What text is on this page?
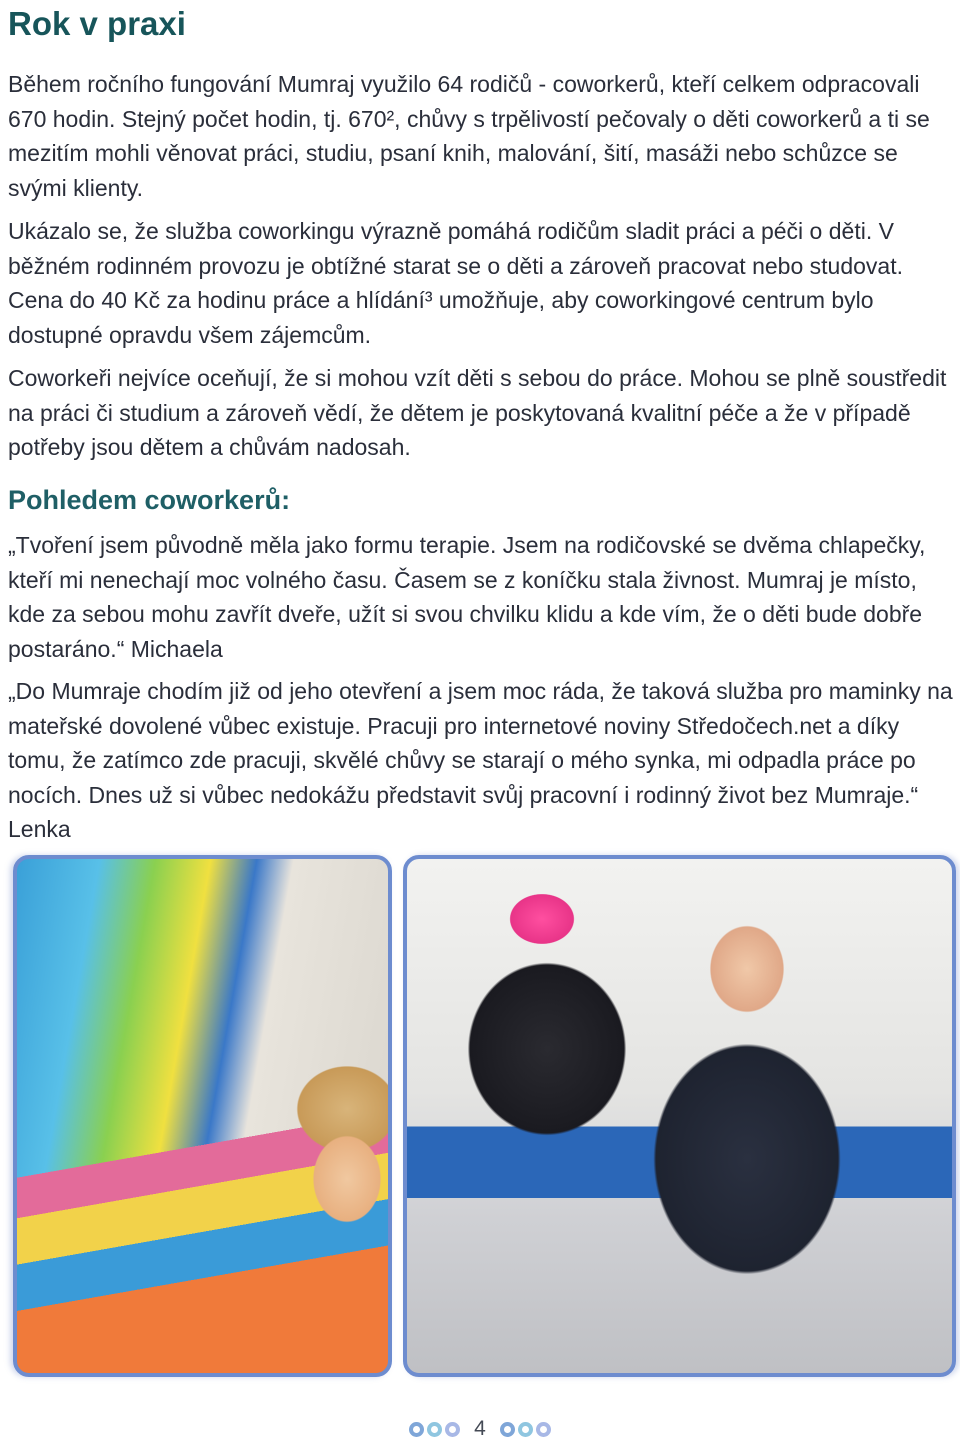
Rok v praxi

Během ročního fungování Mumraj využilo 64 rodičů - coworkerů, kteří celkem odpracovali 670 hodin. Stejný počet hodin, tj. 670², chůvy s trpělivostí pečovaly o děti coworkerů a ti se mezitím mohli věnovat práci, studiu, psaní knih, malování, šití, masáži nebo schůzce se svými klienty.

Ukázalo se, že služba coworkingu výrazně pomáhá rodičům sladit práci a péči o děti. V běžném rodinném provozu je obtížné starat se o děti a zároveň pracovat nebo studovat. Cena do 40 Kč za hodinu práce a hlídání³ umožňuje, aby coworkingové centrum bylo dostupné opravdu všem zájemcům.

Coworkeři nejvíce oceňují, že si mohou vzít děti s sebou do práce. Mohou se plně soustředit na práci či studium a zároveň vědí, že dětem je poskytovaná kvalitní péče a že v případě potřeby jsou dětem a chůvám nadosah.

Pohledem coworkerů:

„Tvoření jsem původně měla jako formu terapie. Jsem na rodičovské se dvěma chlapečky, kteří mi nenechají moc volného času. Časem se z koníčku stala živnost. Mumraj je místo, kde za sebou mohu zavřít dveře, užít si svou chvilku klidu a kde vím, že o děti bude dobře postaráno.“ Michaela

„Do Mumraje chodím již od jeho otevření a jsem moc ráda, že taková služba pro maminky na mateřské dovolené vůbec existuje. Pracuji pro internetové noviny Středočech.net a díky tomu, že zatímco zde pracuji, skvělé chůvy se starají o mého synka, mi odpadla práce po nocích. Dnes už si vůbec nedokážu představit svůj pracovní i rodinný život bez Mumraje.“ Lenka

4
